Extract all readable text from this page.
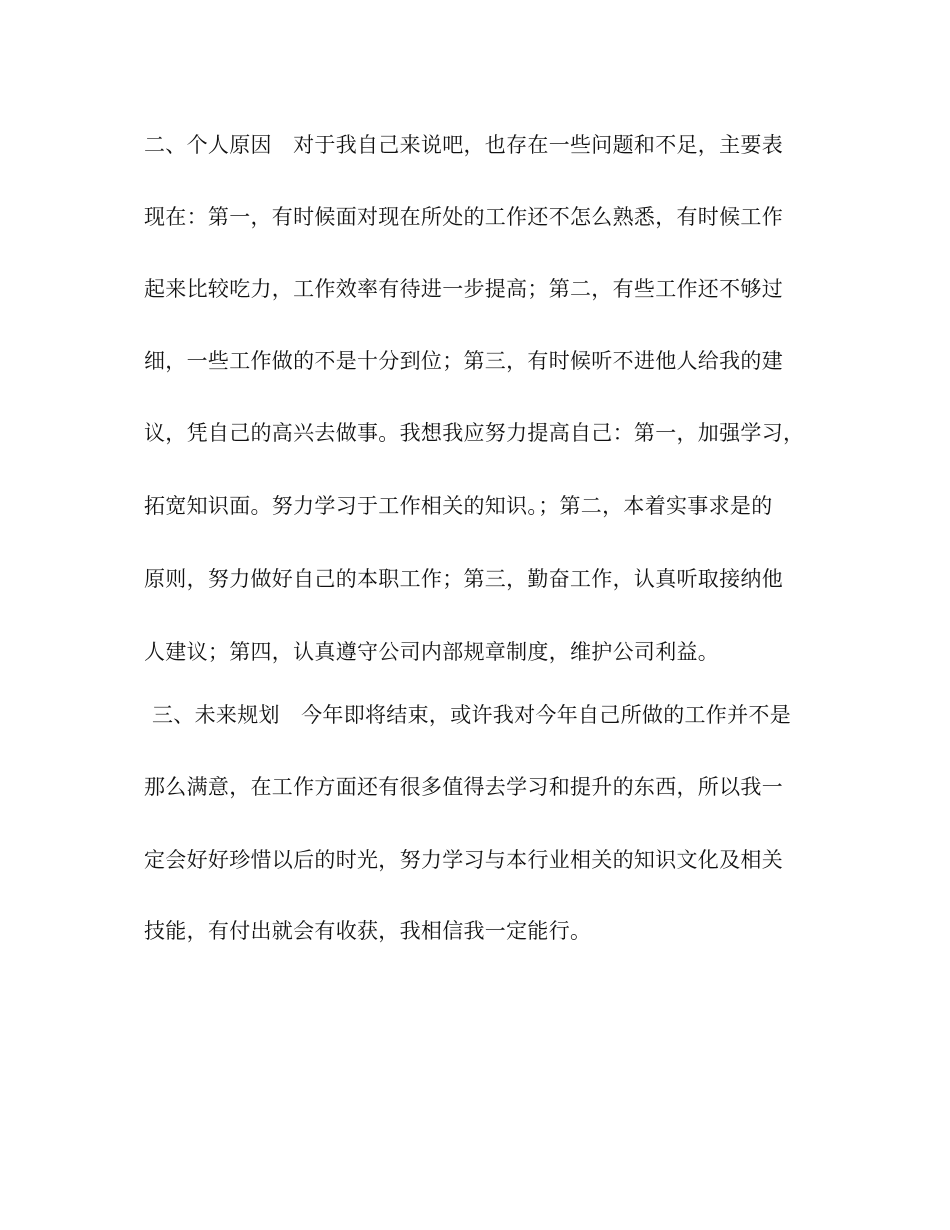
二、个人原因　对于我自己来说吧，也存在一些问题和不足，主要表
现在：第一，有时候面对现在所处的工作还不怎么熟悉，有时候工作
起来比较吃力，工作效率有待进一步提高；第二，有些工作还不够过
细，一些工作做的不是十分到位；第三，有时候听不进他人给我的建
议，凭自己的高兴去做事。我想我应努力提高自己：第一，加强学习，
拓宽知识面。努力学习于工作相关的知识。；第二，本着实事求是的
原则，努力做好自己的本职工作；第三，勤奋工作，认真听取接纳他
人建议；第四，认真遵守公司内部规章制度，维护公司利益。
三、未来规划　今年即将结束，或许我对今年自己所做的工作并不是
那么满意，在工作方面还有很多值得去学习和提升的东西，所以我一
定会好好珍惜以后的时光，努力学习与本行业相关的知识文化及相关
技能，有付出就会有收获，我相信我一定能行。
